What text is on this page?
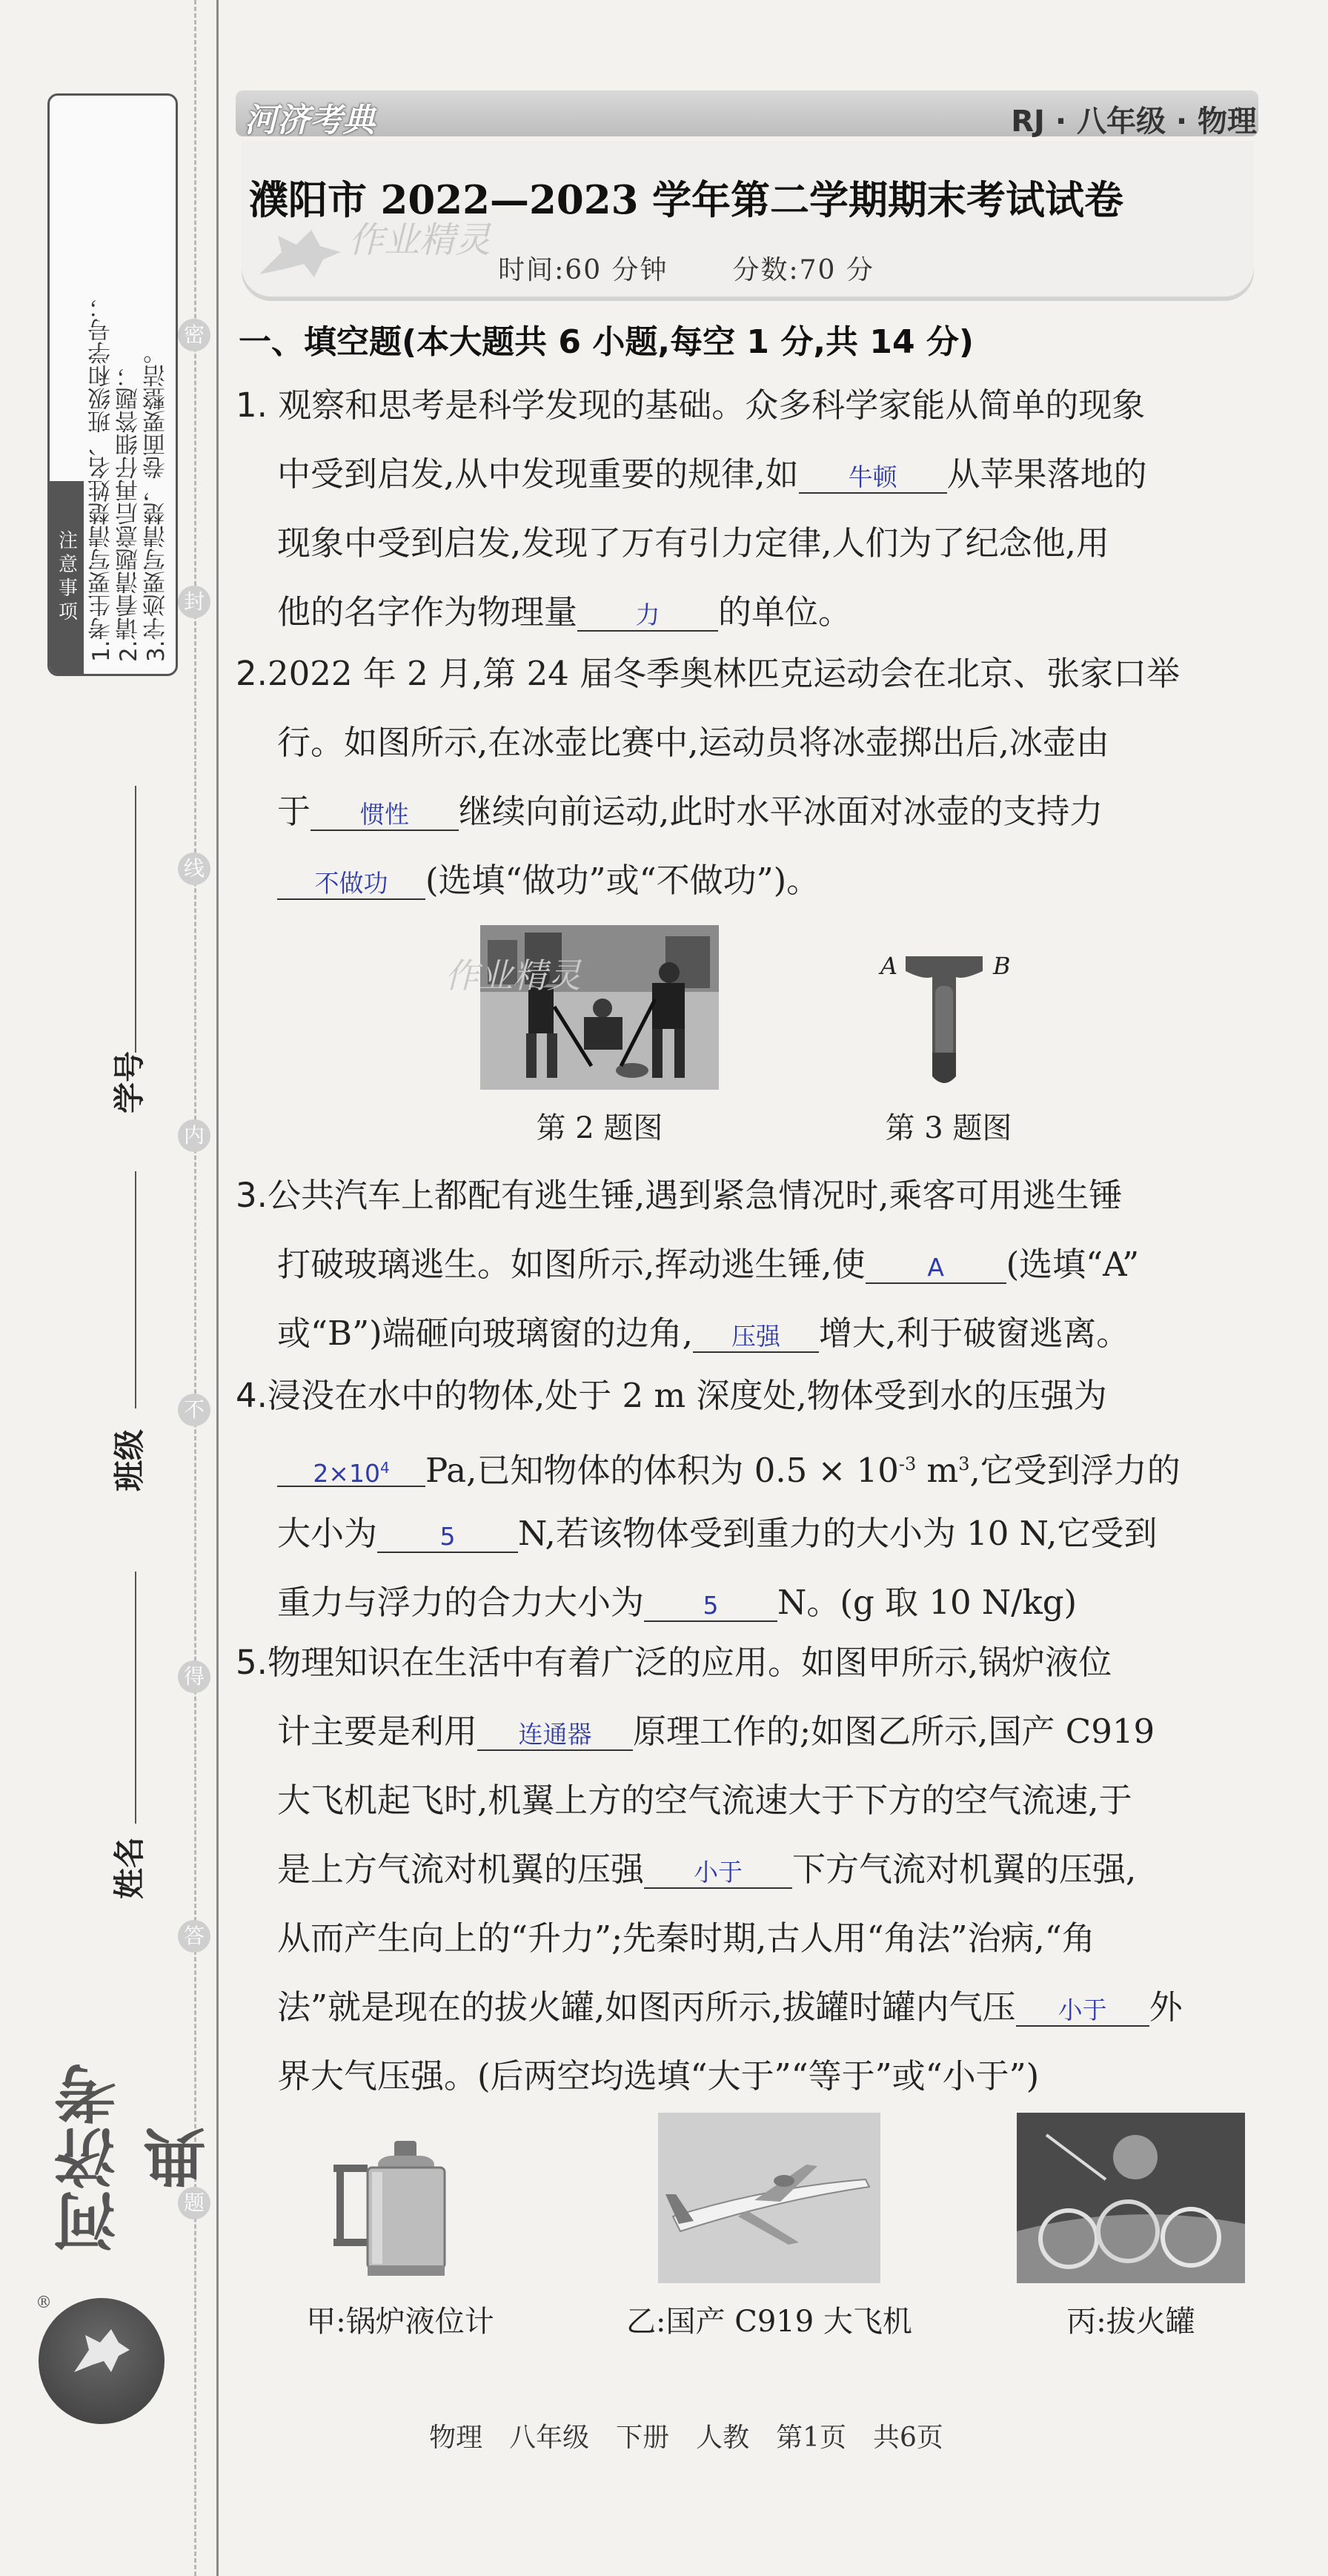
1.考生要写清楚姓名、班级和学号； 2.请看清题意后再仔细答题； 3.字迹要写清楚，卷面要整洁。
注意事项
密
封
线
内
不
得
答
题
学号
班级
姓名
河济考典
®
河济考典	RJ · 八年级 · 物理
作业精灵
濮阳市 2022—2023 学年第二学期期末考试试卷
时间:60 分钟 分数:70 分
一、填空题(本大题共 6 小题,每空 1 分,共 14 分)
1. 观察和思考是科学发现的基础。众多科学家能从简单的现象
中受到启发,从中发现重要的规律,如 牛顿 从苹果落地的
现象中受到启发,发现了万有引力定律,人们为了纪念他,用
他的名字作为物理量 力 的单位。
2.2022 年 2 月,第 24 届冬季奥林匹克运动会在北京、张家口举
行。如图所示,在冰壶比赛中,运动员将冰壶掷出后,冰壶由
于 惯性 继续向前运动,此时水平冰面对冰壶的支持力
不做功 (选填“做功”或“不做功”)。
作业精灵
第 2 题图
A	B
第 3 题图
3.公共汽车上都配有逃生锤,遇到紧急情况时,乘客可用逃生锤
打破玻璃逃生。如图所示,挥动逃生锤,使	A (选填“A”
或“B”)端砸向玻璃窗的边角, 压强 增大,利于破窗逃离。
4.浸没在水中的物体,处于 2 m 深度处,物体受到水的压强为
$2\times 10^4$ Pa,已知物体的体积为 $0.5 \times 10^{-3}$ $m^3$,它受到浮力的
大小为	5 N,若该物体受到重力的大小为 10 N,它受到
重力与浮力的合力大小为 5 N。(g 取 10 N/kg)
5.物理知识在生活中有着广泛的应用。如图甲所示,锅炉液位
计主要是利用 连通器 原理工作的;如图乙所示,国产 C919
大飞机起飞时,机翼上方的空气流速大于下方的空气流速,于
是上方气流对机翼的压强 小于 下方气流对机翼的压强,
从而产生向上的“升力”;先秦时期,古人用“角法”治病,“角
法”就是现在的拔火罐,如图丙所示,拔罐时罐内气压 小于 外
界大气压强。(后两空均选填“大于”“等于”或“小于”)
甲:锅炉液位计	乙:国产 C919 大飞机	丙:拔火罐
物理　八年级　下册　人教　第1页　共6页
